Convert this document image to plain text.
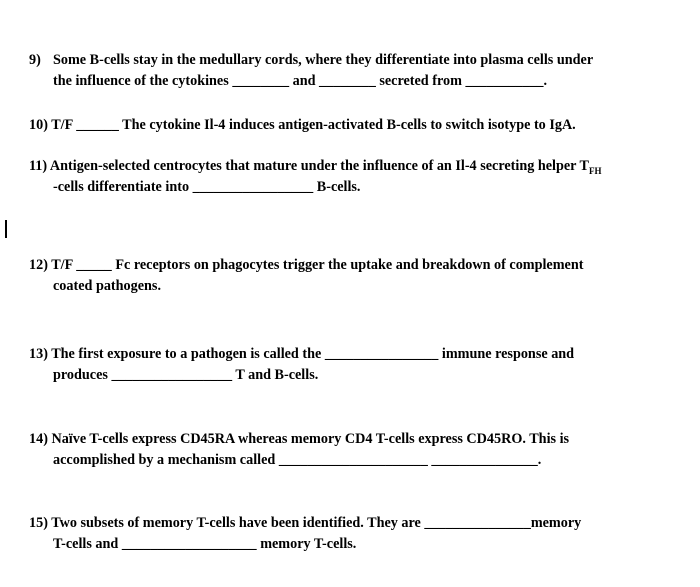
9) Some B-cells stay in the medullary cords, where they differentiate into plasma cells under
the influence of the cytokines ________ and ________ secreted from ___________.
10) T/F ______ The cytokine Il-4 induces antigen-activated B-cells to switch isotype to IgA.
11) Antigen-selected centrocytes that mature under the influence of an Il-4 secreting helper $T_{FH}$
-cells differentiate into _________________ B-cells.
12) T/F _____ Fc receptors on phagocytes trigger the uptake and breakdown of complement
coated pathogens.
13) The first exposure to a pathogen is called the ________________ immune response and
produces _________________ T and B-cells.
14) Naïve T-cells express CD45RA whereas memory CD4 T-cells express CD45RO. This is
accomplished by a mechanism called _____________________ _______________.
15) Two subsets of memory T-cells have been identified. They are _______________memory
T-cells and ___________________ memory T-cells.
